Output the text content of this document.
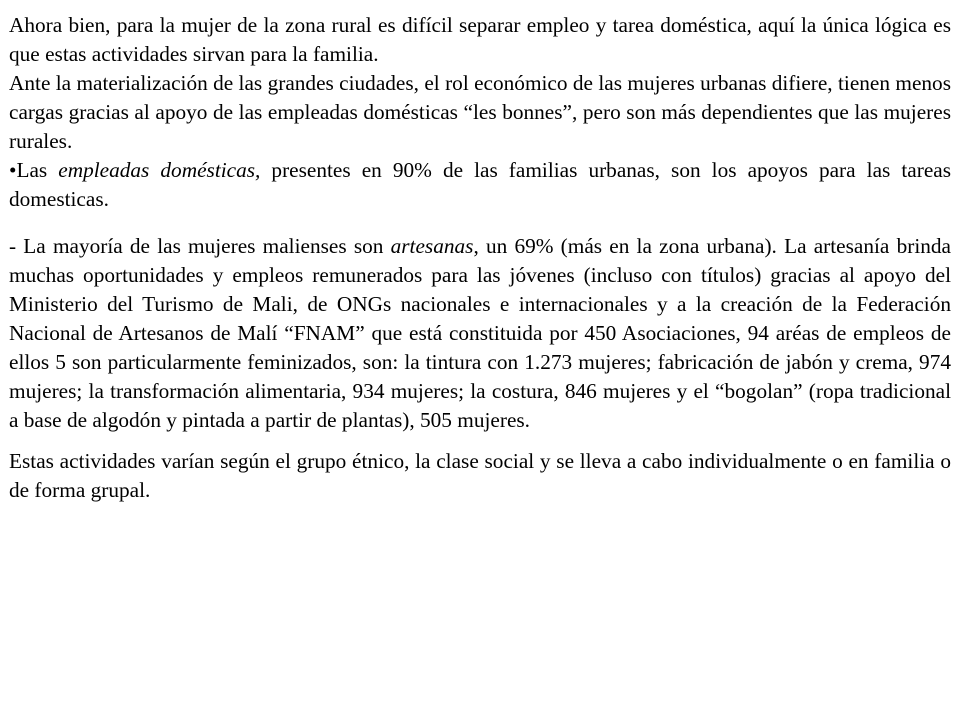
Ahora bien, para la mujer de la zona rural es difícil separar empleo y tarea doméstica, aquí la única lógica es que estas actividades sirvan para la familia.

Ante la materialización de las grandes ciudades, el rol económico de las mujeres urbanas difiere, tienen menos cargas gracias al apoyo de las empleadas domésticas “les bonnes”, pero son más dependientes que las mujeres rurales.

•Las empleadas domésticas, presentes en 90% de las familias urbanas, son los apoyos para las tareas domesticas.

- La mayoría de las mujeres malienses son artesanas, un 69% (más en la zona urbana). La artesanía brinda muchas oportunidades y empleos remunerados para las jóvenes (incluso con títulos) gracias al apoyo del Ministerio del Turismo de Mali, de ONGs nacionales e internacionales y a la creación de la Federación Nacional de Artesanos de Malí “FNAM” que está constituida por 450 Asociaciones, 94 aréas de empleos de ellos 5 son particularmente feminizados, son: la tintura con 1.273 mujeres; fabricación de jabón y crema, 974 mujeres; la transformación alimentaria, 934 mujeres; la costura, 846 mujeres y el “bogolan” (ropa tradicional a base de algodón y pintada a partir de plantas), 505 mujeres.

Estas actividades varían según el grupo étnico, la clase social y se lleva a cabo individualmente o en familia o de forma grupal.
